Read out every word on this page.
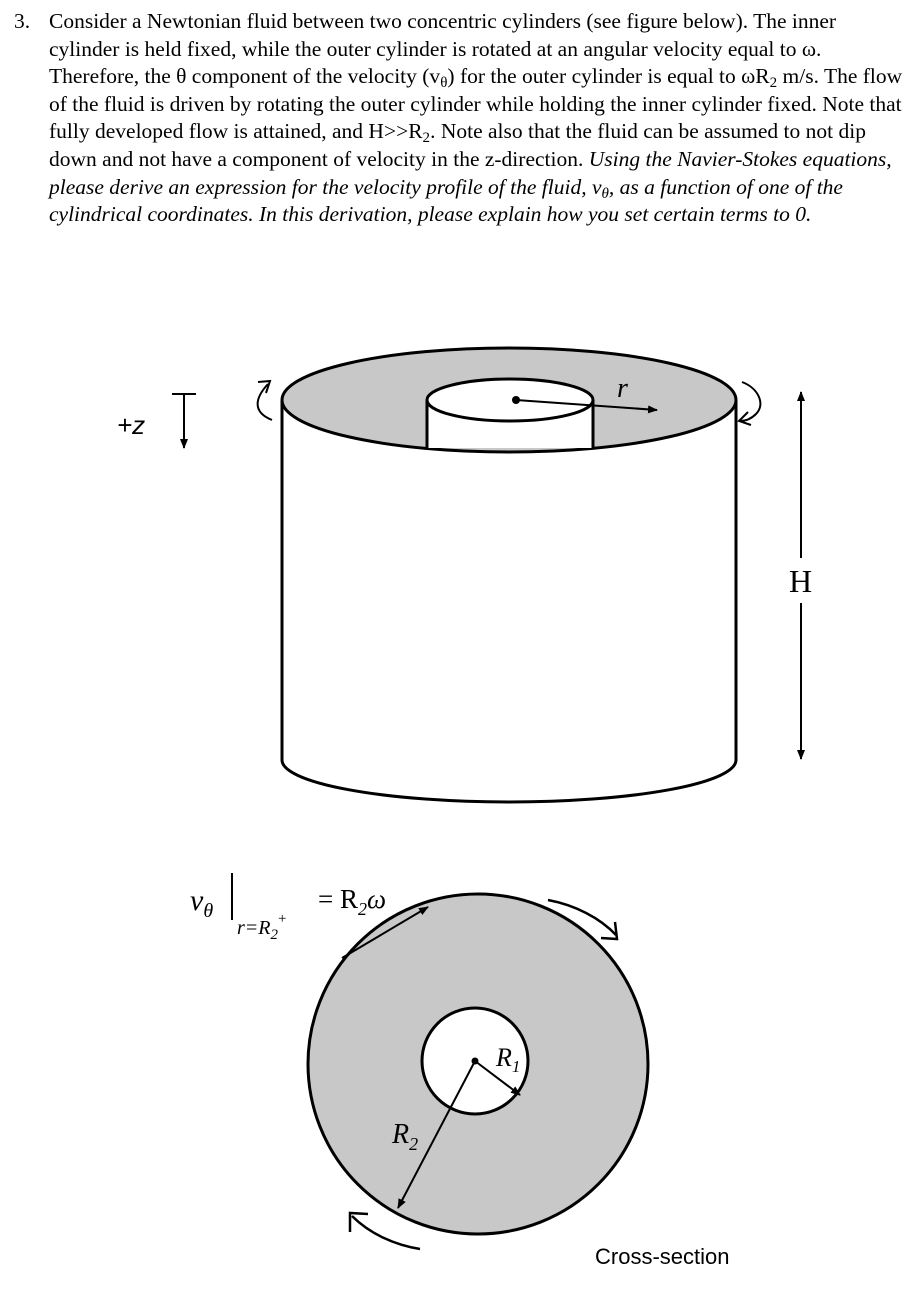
3. Consider a Newtonian fluid between two concentric cylinders (see figure below). The inner cylinder is held fixed, while the outer cylinder is rotated at an angular velocity equal to ω. Therefore, the θ component of the velocity $(v_\theta)$ for the outer cylinder is equal to $\omega R_2$ m/s. The flow of the fluid is driven by rotating the outer cylinder while holding the inner cylinder fixed. Note that fully developed flow is attained, and $H>>R_2$. Note also that the fluid can be assumed to not dip down and not have a component of velocity in the z-direction. Using the Navier-Stokes equations, please derive an expression for the velocity profile of the fluid, $v_\theta$, as a function of one of the cylindrical coordinates. In this derivation, please explain how you set certain terms to 0.
r
+z
H
$R_1$
$R_2$
$v_\theta$
$r=R_2^+$
= $R_2\omega$
Cross-section
